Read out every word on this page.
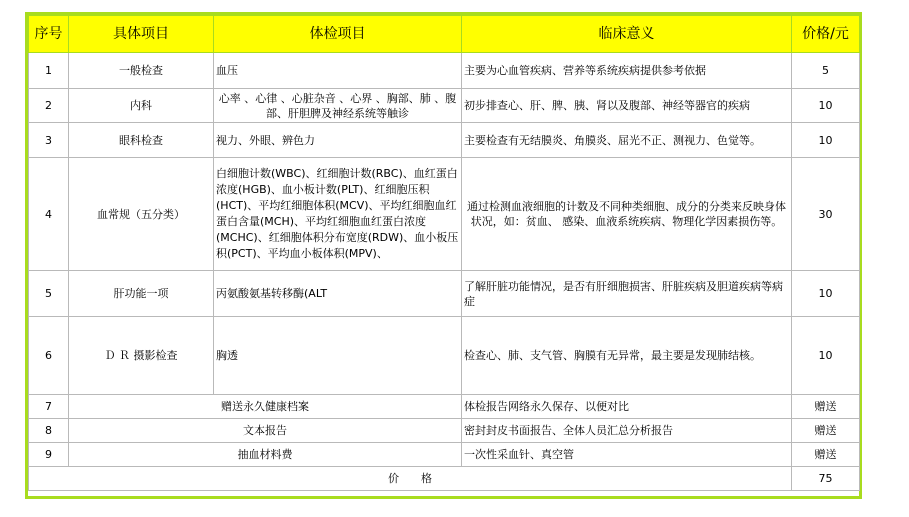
序号	具体项目	体检项目	临床意义	价格/元
1	一般检查	血压	主要为心血管疾病、营养等系统疾病提供参考依据	5
2	内科	心率 、心律 、心脏杂音 、心界 、胸部、肺 、腹部、肝胆脾及神经系统等触诊	初步排查心、肝、脾、胰、肾以及腹部、神经等器官的疾病	10
3	眼科检查	视力、外眼、辨色力	主要检查有无结膜炎、角膜炎、屈光不正、测视力、色觉等。	10
4	血常规（五分类）	白细胞计数(WBC)、红细胞计数(RBC)、血红蛋白浓度(HGB)、血小板计数(PLT)、红细胞压积(HCT)、平均红细胞体积(MCV)、平均红细胞血红蛋白含量(MCH)、平均红细胞血红蛋白浓度(MCHC)、红细胞体积分布宽度(RDW)、血小板压积(PCT)、平均血小板体积(MPV)、	通过检测血液细胞的计数及不同种类细胞、成分的分类来反映身体状况，如：贫血、 感染、血液系统疾病、物理化学因素损伤等。	30
5	肝功能一项	丙氨酸氨基转移酶(ALT	了解肝脏功能情况，是否有肝细胞损害、肝脏疾病及胆道疾病等病症	10
6	Ｄ Ｒ 摄影检查	胸透	检查心、肺、支气管、胸膜有无异常，最主要是发现肺结核。	10
7	赠送永久健康档案		体检报告网络永久保存、以便对比	赠送
8	文本报告		密封封皮书面报告、全体人员汇总分析报告	赠送
9	抽血材料费		一次性采血针、真空管	赠送
价　　格				75
